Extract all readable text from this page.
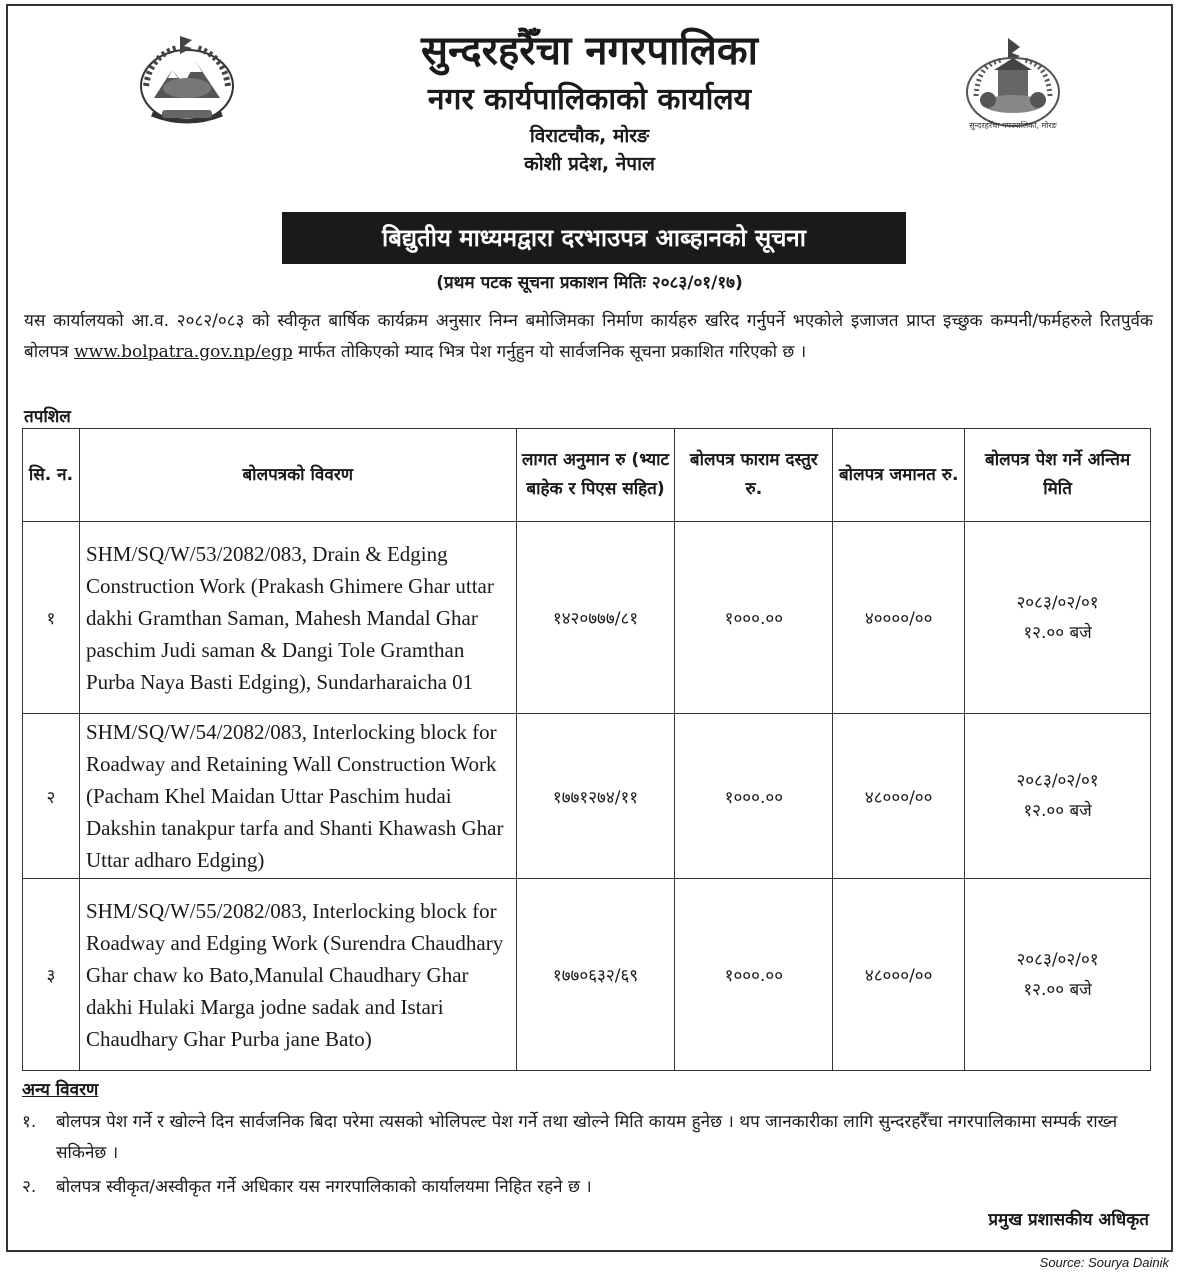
सुन्दरहरैँचा नगरपालिका, मोरङ

सुन्दरहरैँचा नगरपालिका

नगर कार्यपालिकाको कार्यालय

विराटचौक, मोरङ

कोशी प्रदेश, नेपाल

बिद्युतीय माध्यमद्वारा दरभाउपत्र आब्हानको सूचना
(प्रथम पटक सूचना प्रकाशन मितिः २०८३/०१/१७)
यस कार्यालयको आ.व. २०८२/०८३ को स्वीकृत बार्षिक कार्यक्रम अनुसार निम्न बमोजिमका निर्माण कार्यहरु खरिद गर्नुपर्ने भएकोले इजाजत प्राप्त इच्छुक कम्पनी/फर्महरुले रितपुर्वक बोलपत्र www.bolpatra.gov.np/egp मार्फत तोकिएको म्याद भित्र पेश गर्नुहुन यो सार्वजनिक सूचना प्रकाशित गरिएको छ ।
तपशिल
सि. न.	बोलपत्रको विवरण	लागत अनुमान रु (भ्याट बाहेक र पिएस सहित)	बोलपत्र फाराम दस्तुर रु.	बोलपत्र जमानत रु.	बोलपत्र पेश गर्ने अन्तिम मिति
१	SHM/SQ/W/53/2082/083, Drain & Edging Construction Work (Prakash Ghimere Ghar uttar dakhi Gramthan Saman, Mahesh Mandal Ghar paschim Judi saman & Dangi Tole Gramthan Purba Naya Basti Edging), Sundarharaicha 01	१४२०७७७/८१	१०००.००	४००००/००	२०८३/०२/०१
१२.०० बजे

२	SHM/SQ/W/54/2082/083, Interlocking block for Roadway and Retaining Wall Construction Work (Pacham Khel Maidan Uttar Paschim hudai Dakshin tanakpur tarfa and Shanti Khawash Ghar Uttar adharo Edging)	१७७१२७४/११	१०००.००	४८०००/००	२०८३/०२/०१
१२.०० बजे

३	SHM/SQ/W/55/2082/083, Interlocking block for Roadway and Edging Work (Surendra Chaudhary Ghar chaw ko Bato,Manulal Chaudhary Ghar dakhi Hulaki Marga jodne sadak and Istari Chaudhary Ghar Purba jane Bato)	१७७०६३२/६९	१०००.००	४८०००/००	२०८३/०२/०१
१२.०० बजे
अन्य विवरण
१. बोलपत्र पेश गर्ने र खोल्ने दिन सार्वजनिक बिदा परेमा त्यसको भोलिपल्ट पेश गर्ने तथा खोल्ने मिति कायम हुनेछ । थप जानकारीका लागि सुन्दरहरैँचा नगरपालिकामा सम्पर्क राख्न सकिनेछ ।
२. बोलपत्र स्वीकृत/अस्वीकृत गर्ने अधिकार यस नगरपालिकाको कार्यालयमा निहित रहने छ ।
प्रमुख प्रशासकीय अधिकृत
Source: Sourya Dainik
